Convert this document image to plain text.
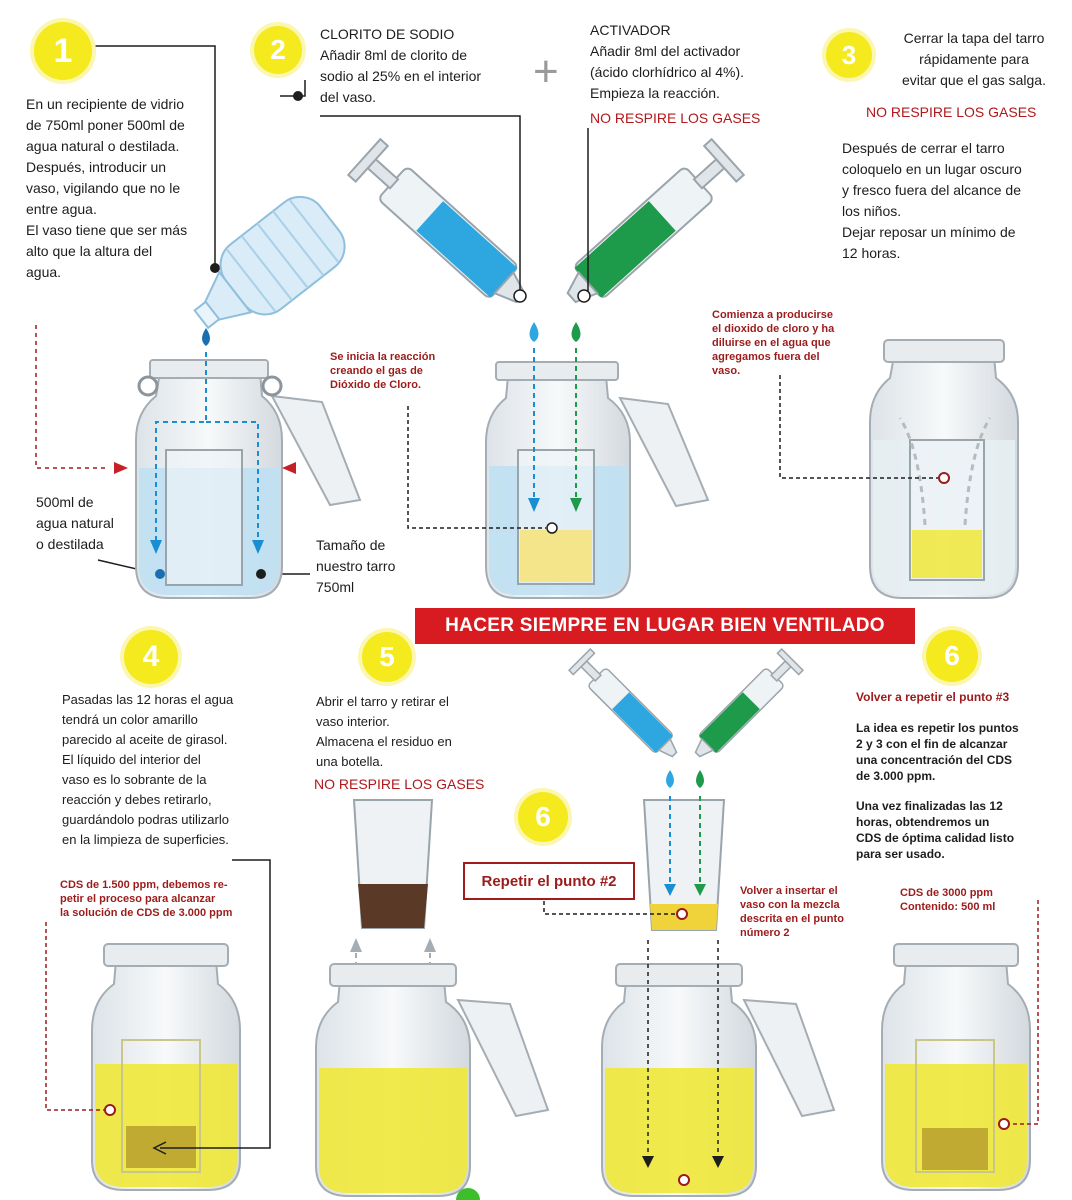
1	2	3
4	5
6
6

En un recipiente de vidrio
de 750ml poner 500ml de
agua natural o destilada.
Después, introducir un
vaso, vigilando que no le
entre agua.
El vaso tiene que ser más
alto que la altura del
agua.

500ml de
agua natural
o destilada	Tamaño de
nuestro tarro
750ml

CLORITO DE SODIO
Añadir 8ml de clorito de
sodio al 25% en el interior
del vaso.

+

ACTIVADOR
Añadir 8ml del activador
(ácido clorhídrico al 4%).
Empieza la reacción.

NO RESPIRE LOS GASES

Se inicia la reacción
creando el gas de
Dióxido de Cloro.

Cerrar la tapa del tarro
rápidamente para
evitar que el gas salga.

NO RESPIRE LOS GASES

Después de cerrar el tarro
coloquelo en un lugar oscuro
y fresco fuera del alcance de
los niños.
Dejar reposar un mínimo de
12 horas.

Comienza a producirse
el dioxido de cloro y ha
diluirse en el agua que
agregamos fuera del
vaso.

HACER SIEMPRE EN LUGAR BIEN VENTILADO

Pasadas las 12 horas el agua
tendrá un color amarillo
parecido al aceite de girasol.
El líquido del interior del
vaso es lo sobrante de la
reacción y debes retirarlo,
guardándolo podras utilizarlo
en la limpieza de superficies.

CDS de 1.500 ppm, debemos re-
petir el proceso para alcanzar
la solución de CDS de 3.000 ppm

Abrir el tarro y retirar el
vaso interior.
Almacena el residuo en
una botella.

NO RESPIRE LOS GASES

Repetir el punto #2

Volver a insertar el
vaso con la mezcla
descrita en el punto
número 2

Volver a repetir el punto #3

La idea es repetir los puntos
2 y 3 con el fin de alcanzar
una concentración del CDS
de 3.000 ppm.

Una vez finalizadas las 12
horas, obtendremos un
CDS de óptima calidad listo
para ser usado.

CDS de 3000 ppm
Contenido: 500 ml
